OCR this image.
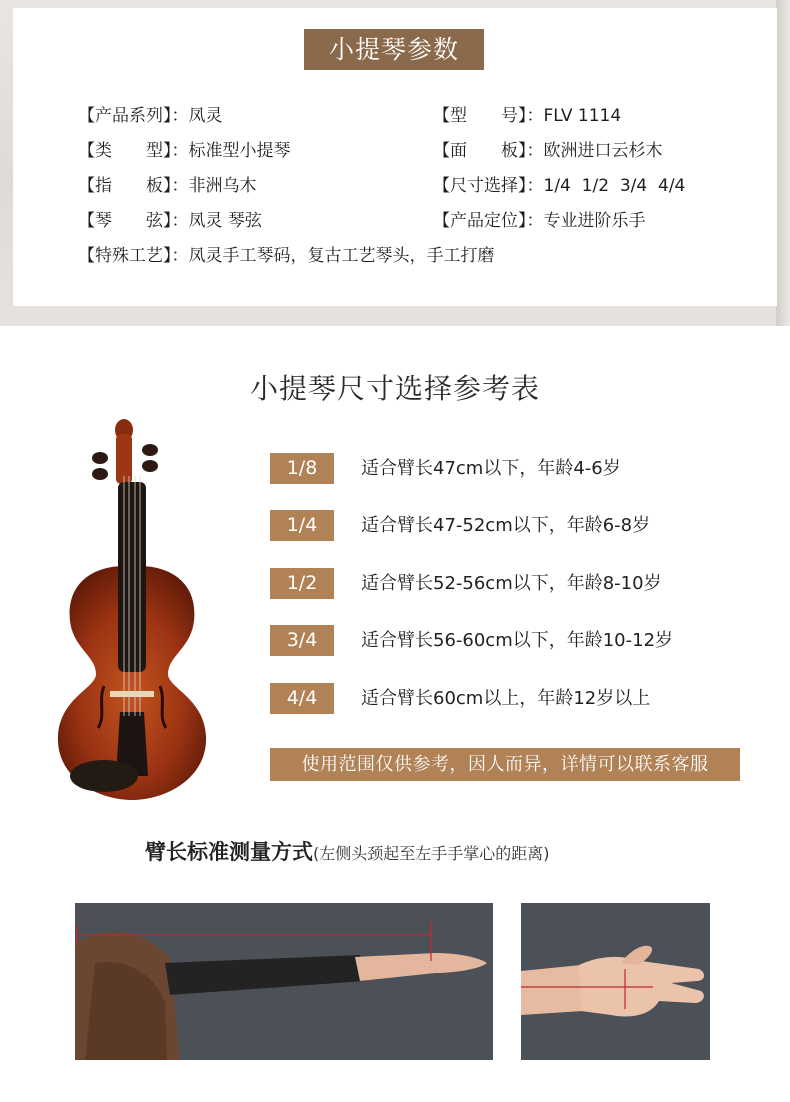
小提琴参数
【产品系列】：凤灵	【型　　号】：FLV 1114
【类　　型】：标准型小提琴	【面　　板】：欧洲进口云杉木
【指　　板】：非洲乌木	【尺寸选择】：1/4  1/2  3/4  4/4
【琴　　弦】：凤灵 琴弦	【产品定位】：专业进阶乐手
【特殊工艺】：凤灵手工琴码，复古工艺琴头，手工打磨
小提琴尺寸选择参考表
1/8	适合臂长47cm以下，年龄4-6岁
1/4	适合臂长47-52cm以下，年龄6-8岁
1/2	适合臂长52-56cm以下，年龄8-10岁
3/4	适合臂长56-60cm以下，年龄10-12岁
4/4	适合臂长60cm以上，年龄12岁以上
使用范围仅供参考，因人而异，详情可以联系客服
臂长标准测量方式(左侧头颈起至左手手掌心的距离)
